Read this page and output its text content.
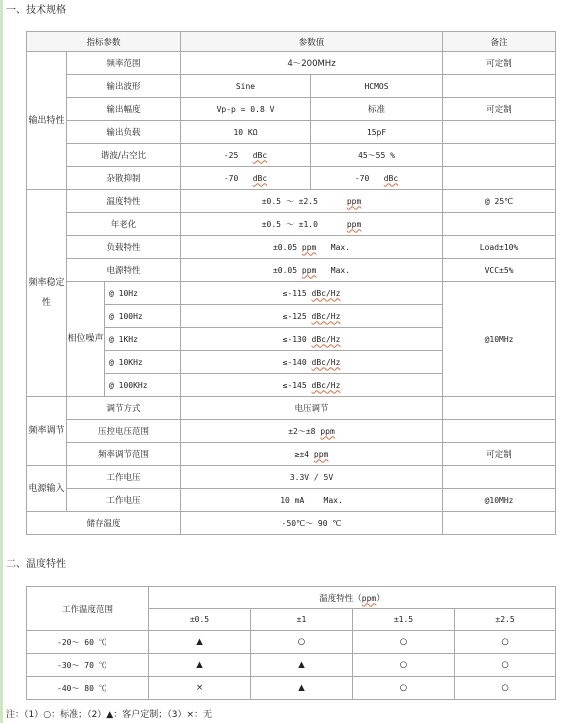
一、技术规格
指标参数			参数值		备注
输出特性	频率范围		4～200MHz		可定制
	输出波形		Sine	HCMOS	
	输出幅度		Vp-p = 0.8 V	标准	可定制
	输出负载		10 KΩ	15pF	
	谐波/占空比		-25 dBc	45～55 %	
	杂散抑制		-70 dBc	-70 dBc	
频率稳定性	温度特性		±0.5 ～ ±2.5 ppm		@ 25℃
	年老化		±0.5 ～ ±1.0 ppm		
	负载特性		±0.05 ppm Max.		Load±10%
	电源特性		±0.05 ppm Max.		VCC±5%
	相位噪声	@ 10Hz	≤-115 dBc/Hz		@10MHz
		@ 100Hz	≤-125 dBc/Hz		
		@ 1KHz	≤-130 dBc/Hz		
		@ 10KHz	≤-140 dBc/Hz		
		@ 100KHz	≤-145 dBc/Hz		
频率调节	调节方式		电压调节		
	压控电压范围		±2～±8 ppm		
	频率调节范围		≥±4 ppm		可定制
电源输入	工作电压		3.3V / 5V		
	工作电压		10 mA Max.		@10MHz
储存温度			-50℃～ 90 ℃		
二、温度特性
工作温度范围	温度特性（ppm）			
	±0.5	±1	±1.5	±2.5
-20～ 60 ℃	▲	○	○	○
-30～ 70 ℃	▲	▲	○	○
-40～ 80 ℃	×	▲	○	○
注：（1）○：标准；（2）▲：客户定制；（3）×：无
